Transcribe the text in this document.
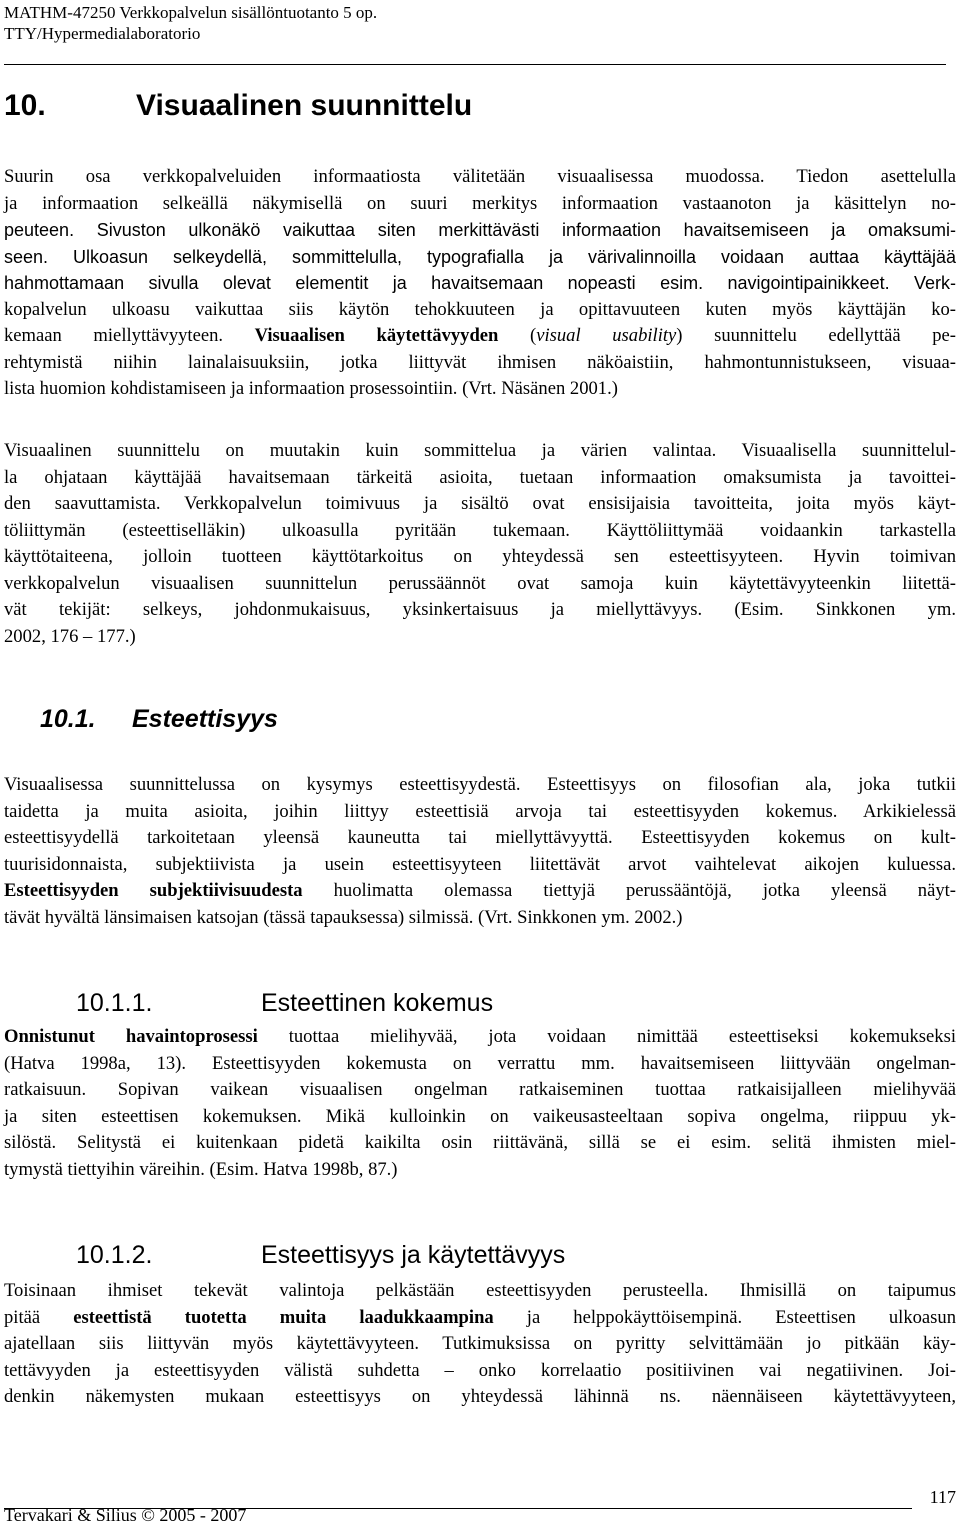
MATHM-47250 Verkkopalvelun sisällöntuotanto 5 op.
TTY/Hypermedialaboratorio
10.	Visuaalinen suunnittelu
Suurin osa verkkopalveluiden informaatiosta välitetään visuaalisessa muodossa. Tiedon asettelulla
ja informaation selkeällä näkymisellä on suuri merkitys informaation vastaanoton ja käsittelyn no-
peuteen. Sivuston ulkonäkö vaikuttaa siten merkittävästi informaation havaitsemiseen ja omaksumi-
seen. Ulkoasun selkeydellä, sommittelulla, typografialla ja värivalinnoilla voidaan auttaa käyttäjää
hahmottamaan sivulla olevat elementit ja havaitsemaan nopeasti esim. navigointipainikkeet. Verk-
kopalvelun ulkoasu vaikuttaa siis käytön tehokkuuteen ja opittavuuteen kuten myös käyttäjän ko-
kemaan miellyttävyyteen. Visuaalisen käytettävyyden (visual usability) suunnittelu edellyttää pe-
rehtymistä niihin lainalaisuuksiin, jotka liittyvät ihmisen näköaistiin, hahmontunnistukseen, visuaa-
lista huomion kohdistamiseen ja informaation prosessointiin. (Vrt. Näsänen 2001.)
Visuaalinen suunnittelu on muutakin kuin sommittelua ja värien valintaa. Visuaalisella suunnittelul-
la ohjataan käyttäjää havaitsemaan tärkeitä asioita, tuetaan informaation omaksumista ja tavoittei-
den saavuttamista. Verkkopalvelun toimivuus ja sisältö ovat ensisijaisia tavoitteita, joita myös käyt-
töliittymän (esteettiselläkin) ulkoasulla pyritään tukemaan. Käyttöliittymää voidaankin tarkastella
käyttötaiteena, jolloin tuotteen käyttötarkoitus on yhteydessä sen esteettisyyteen. Hyvin toimivan
verkkopalvelun visuaalisen suunnittelun perussäännöt ovat samoja kuin käytettävyyteenkin liitettä-
vät tekijät: selkeys, johdonmukaisuus, yksinkertaisuus ja miellyttävyys. (Esim. Sinkkonen ym.
2002, 176 – 177.)
10.1. Esteettisyys
Visuaalisessa suunnittelussa on kysymys esteettisyydestä. Esteettisyys on filosofian ala, joka tutkii
taidetta ja muita asioita, joihin liittyy esteettisiä arvoja tai esteettisyyden kokemus. Arkikielessä
esteettisyydellä tarkoitetaan yleensä kauneutta tai miellyttävyyttä. Esteettisyyden kokemus on kult-
tuurisidonnaista, subjektiivista ja usein esteettisyyteen liitettävät arvot vaihtelevat aikojen kuluessa.
Esteettisyyden subjektiivisuudesta huolimatta olemassa tiettyjä perussääntöjä, jotka yleensä näyt-
tävät hyvältä länsimaisen katsojan (tässä tapauksessa) silmissä. (Vrt. Sinkkonen ym. 2002.)
10.1.1.	Esteettinen kokemus
Onnistunut havaintoprosessi tuottaa mielihyvää, jota voidaan nimittää esteettiseksi kokemukseksi
(Hatva 1998a, 13). Esteettisyyden kokemusta on verrattu mm. havaitsemiseen liittyvään ongelman-
ratkaisuun. Sopivan vaikean visuaalisen ongelman ratkaiseminen tuottaa ratkaisijalleen mielihyvää
ja siten esteettisen kokemuksen. Mikä kulloinkin on vaikeusasteeltaan sopiva ongelma, riippuu yk-
silöstä. Selitystä ei kuitenkaan pidetä kaikilta osin riittävänä, sillä se ei esim. selitä ihmisten miel-
tymystä tiettyihin väreihin. (Esim. Hatva 1998b, 87.)
10.1.2.	Esteettisyys ja käytettävyys
Toisinaan ihmiset tekevät valintoja pelkästään esteettisyyden perusteella. Ihmisillä on taipumus
pitää esteettistä tuotetta muita laadukkaampina ja helppokäyttöisempinä. Esteettisen ulkoasun
ajatellaan siis liittyvän myös käytettävyyteen. Tutkimuksissa on pyritty selvittämään jo pitkään käy-
tettävyyden ja esteettisyyden välistä suhdetta – onko korrelaatio positiivinen vai negatiivinen. Joi-
denkin näkemysten mukaan esteettisyys on yhteydessä lähinnä ns. näennäiseen käytettävyyteen,
117
Tervakari & Silius © 2005 - 2007
